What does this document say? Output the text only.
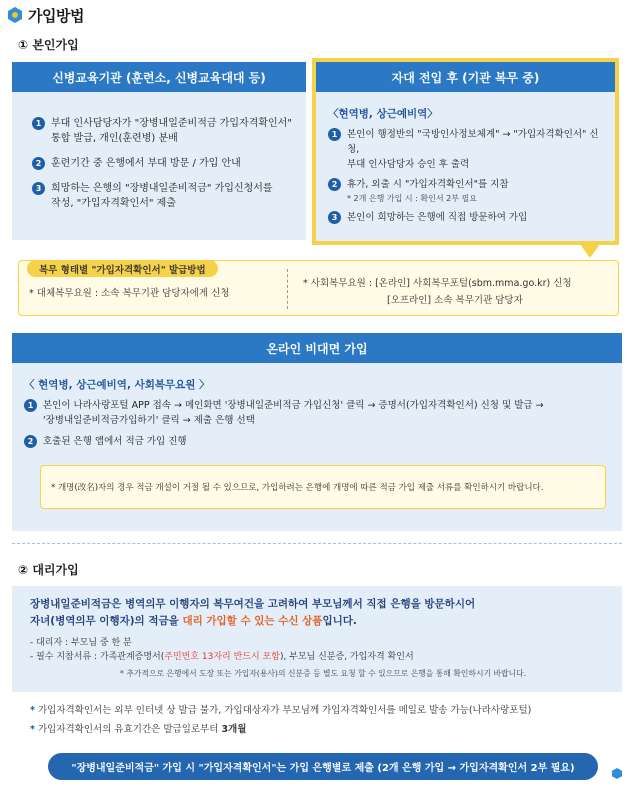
가입방법
① 본인가입
신병교육기관 (훈련소, 신병교육대대 등)
1 부대 인사담당자가 "장병내일준비적금 가입자격확인서"
통합 발급, 개인(훈련병) 분배
2 훈련기간 중 은행에서 부대 방문 / 가입 안내
3 희망하는 은행의 "장병내일준비적금" 가입신청서를
작성, "가입자격확인서" 제출
자대 전입 후 (기관 복무 중)
〈현역병, 상근예비역〉
1	본인이 행정반의 "국방인사정보체계" → "가입자격확인서" 신청,
부대 인사담당자 승인 후 출력
2	휴가, 외출 시 "가입자격확인서"를 지참
* 2개 은행 가입 시 : 확인서 2부 필요
3	본인이 희망하는 은행에 직접 방문하여 가입
복무 형태별 "가입자격확인서" 발급방법
* 대체복무요원 : 소속 복무기관 담당자에게 신청
* 사회복무요원 : [온라인] 사회복무포털(sbm.mma.go.kr) 신청
[오프라인] 소속 복무기관 담당자
온라인 비대면 가입
〈 현역병, 상근예비역, 사회복무요원 〉
1	본인이 나라사랑포털 APP 접속 → 메인화면 '장병내일준비적금 가입신청' 클릭 → 증명서(가입자격확인서) 신청 및 발급 →
'장병내일준비적금가입하기' 클릭 → 제출 은행 선택
2	호출된 은행 앱에서 적금 가입 진행
* 개명(改名)자의 경우 적금 개설이 거절 될 수 있으므로, 가입하려는 은행에 개명에 따른 적금 가입 제출 서류를 확인하시기 바랍니다.
② 대리가입
장병내일준비적금은 병역의무 이행자의 복무여건을 고려하여 부모님께서 직접 은행을 방문하시어
자녀(병역의무 이행자)의 적금을 대리 가입할 수 있는 수신 상품입니다.
- 대리자 : 부모님 중 한 분
- 필수 지참서류 : 가족관계증명서(주민번호 13자리 반드시 포함), 부모님 신분증, 가입자격 확인서
* 추가적으로 은행에서 도장 또는 가입자(용사)의 신분증 등 별도 요청 할 수 있으므로 은행을 통해 확인하시기 바랍니다.
* 가입자격확인서는 외부 인터넷 상 발급 불가, 가입대상자가 부모님께 가입자격확인서를 메일로 발송 가능(나라사랑포털)
* 가입자격확인서의 유효기간은 발급일로부터 3개월
"장병내일준비적금" 가입 시 "가입자격확인서"는 가입 은행별로 제출 (2개 은행 가입 → 가입자격확인서 2부 필요)
